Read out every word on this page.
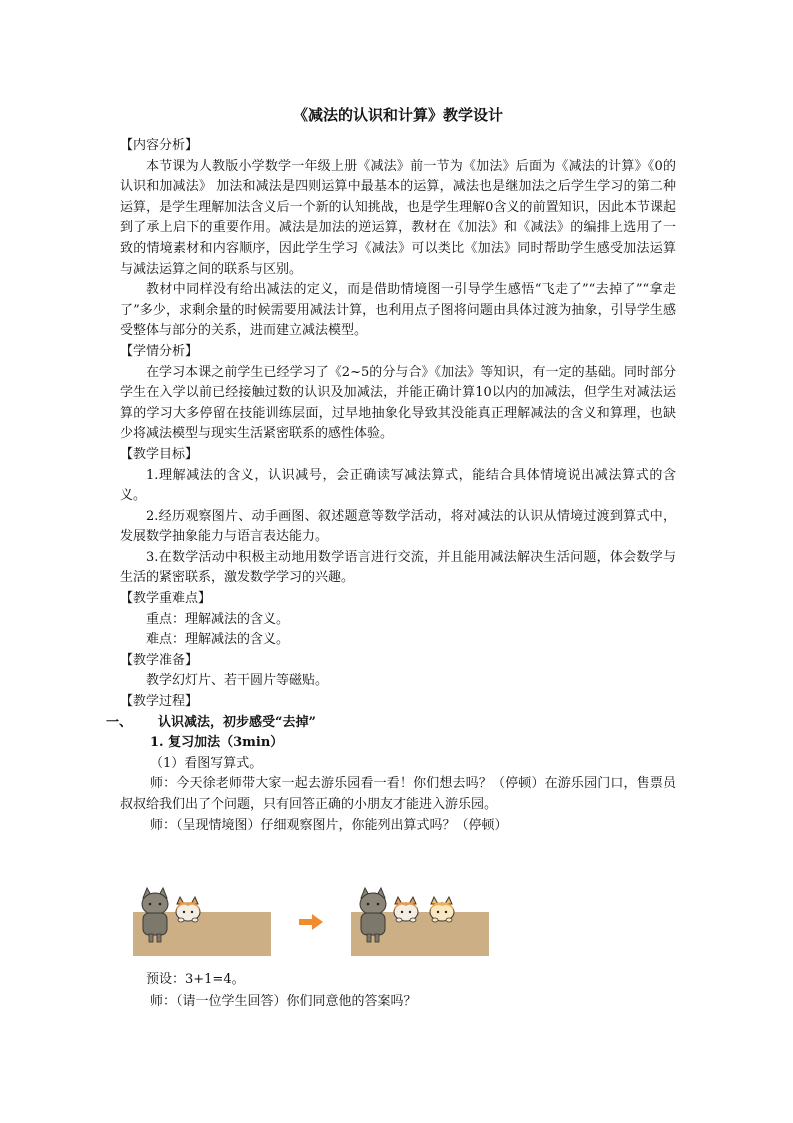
《减法的认识和计算》教学设计
【内容分析】

本节课为人教版小学数学一年级上册《减法》前一节为《加法》后面为《减法的计算》《0的认识和加减法》 加法和减法是四则运算中最基本的运算，减法也是继加法之后学生学习的第二种运算，是学生理解加法含义后一个新的认知挑战，也是学生理解0含义的前置知识，因此本节课起到了承上启下的重要作用。减法是加法的逆运算，教材在《加法》和《减法》的编排上选用了一致的情境素材和内容顺序，因此学生学习《减法》可以类比《加法》同时帮助学生感受加法运算与减法运算之间的联系与区别。

教材中同样没有给出减法的定义，而是借助情境图一引导学生感悟“飞走了”“去掉了”“拿走了”多少，求剩余量的时候需要用减法计算，也利用点子图将问题由具体过渡为抽象，引导学生感受整体与部分的关系，进而建立减法模型。

【学情分析】

在学习本课之前学生已经学习了《2~5的分与合》《加法》等知识，有一定的基础。同时部分学生在入学以前已经接触过数的认识及加减法，并能正确计算10以内的加减法，但学生对减法运算的学习大多停留在技能训练层面，过早地抽象化导致其没能真正理解减法的含义和算理，也缺少将减法模型与现实生活紧密联系的感性体验。

【教学目标】

1.理解减法的含义，认识减号，会正确读写减法算式，能结合具体情境说出减法算式的含义。

2.经历观察图片、动手画图、叙述题意等数学活动，将对减法的认识从情境过渡到算式中，发展数学抽象能力与语言表达能力。

3.在数学活动中积极主动地用数学语言进行交流，并且能用减法解决生活问题，体会数学与生活的紧密联系，激发数学学习的兴趣。

【教学重难点】

重点：理解减法的含义。

难点：理解减法的含义。

【教学准备】

教学幻灯片、若干圆片等磁贴。

【教学过程】

一、 认识减法，初步感受“去掉”

1. 复习加法（3min）

（1）看图写算式。

师：今天徐老师带大家一起去游乐园看一看！你们想去吗？（停顿）在游乐园门口，售票员叔叔给我们出了个问题，只有回答正确的小朋友才能进入游乐园。

师：（呈现情境图）仔细观察图片，你能列出算式吗？（停顿）

预设：3+1=4。

师：（请一位学生回答）你们同意他的答案吗？
